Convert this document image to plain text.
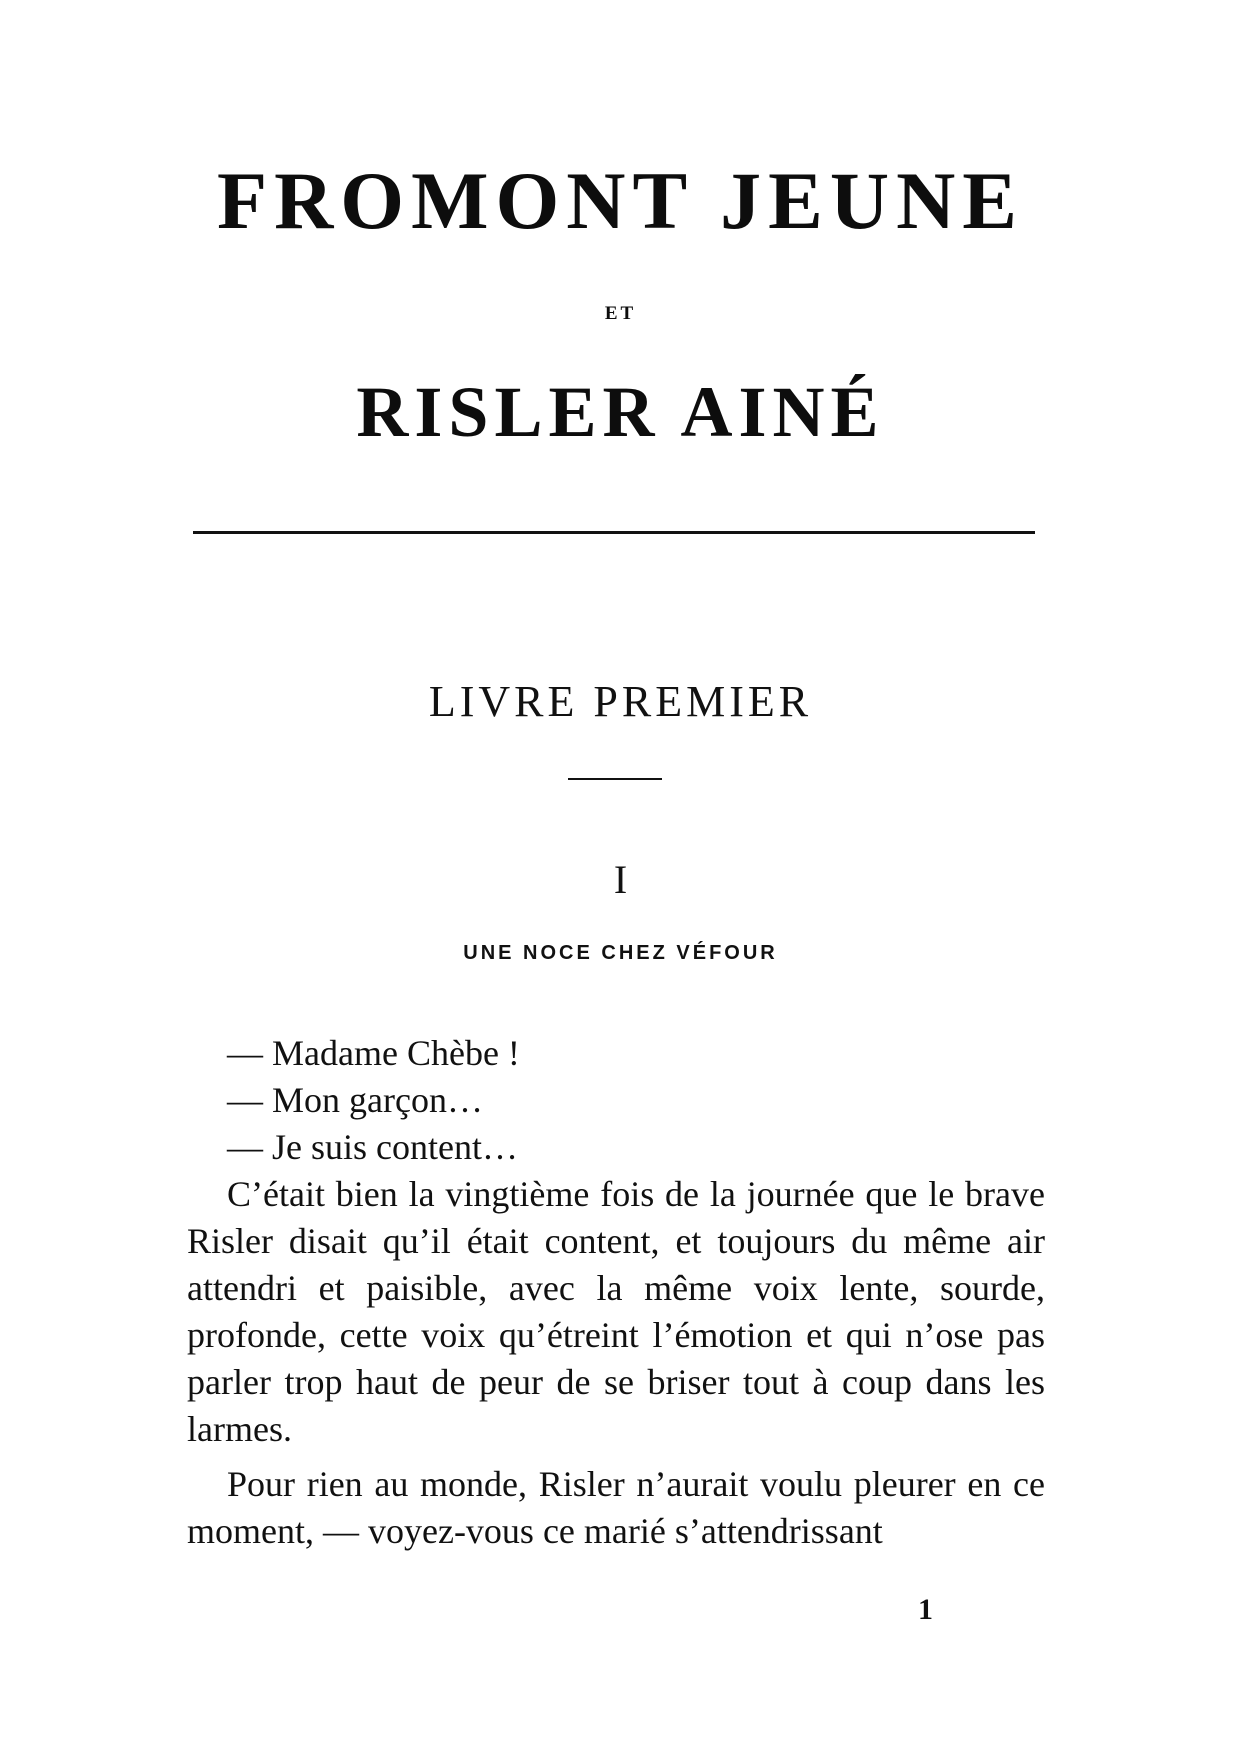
FROMONT JEUNE
ET
RISLER AINÉ
LIVRE PREMIER
I
UNE NOCE CHEZ VÉFOUR

— Madame Chèbe !

— Mon garçon…

— Je suis content…

C’était bien la vingtième fois de la journée que le brave Risler disait qu’il était content, et toujours du même air attendri et paisible, avec la même voix lente, sourde, profonde, cette voix qu’étreint l’émotion et qui n’ose pas parler trop haut de peur de se briser tout à coup dans les larmes.

Pour rien au monde, Risler n’aurait voulu pleurer en ce moment, — voyez-vous ce marié s’attendrissant

1
